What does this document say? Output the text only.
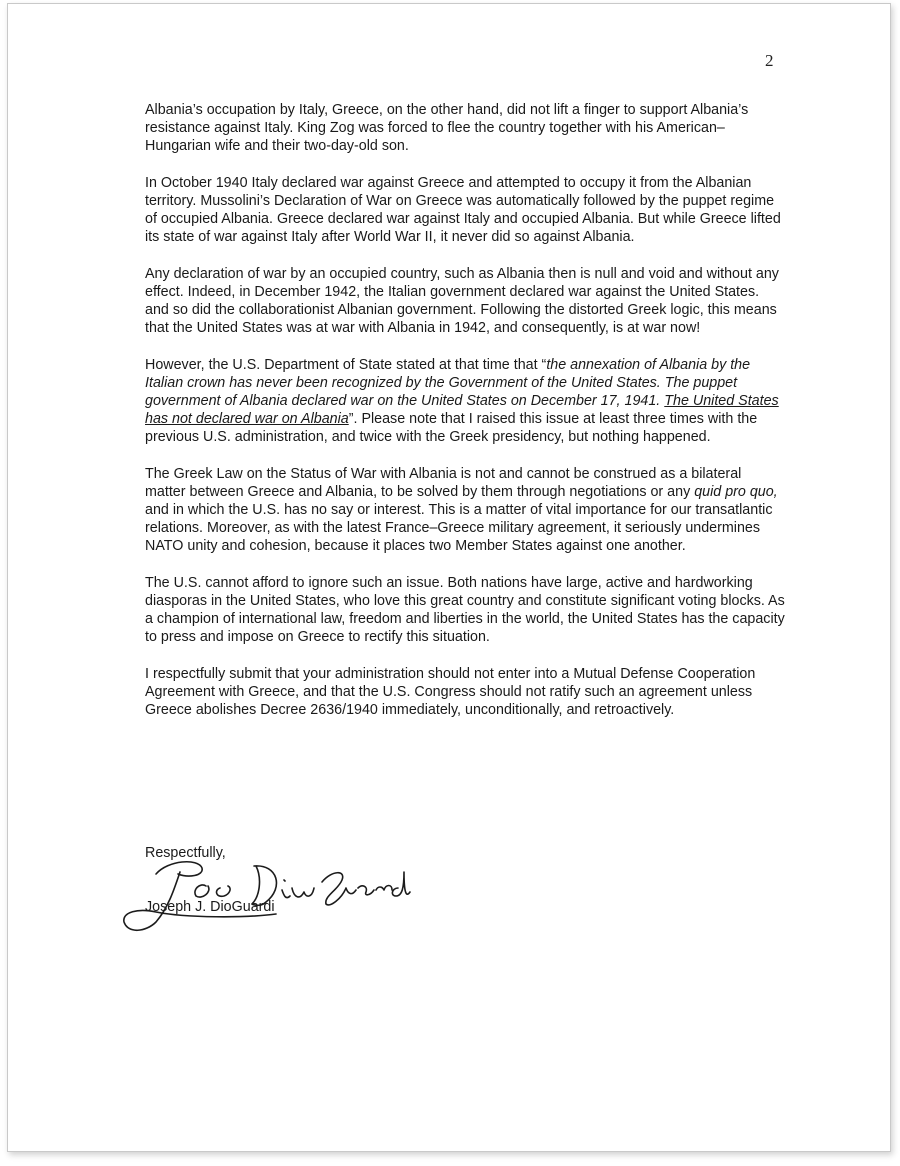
2

Albania’s occupation by Italy, Greece, on the other hand, did not lift a finger to support Albania’s resistance against Italy. King Zog was forced to flee the country together with his American–Hungarian wife and their two-day-old son.

In October 1940 Italy declared war against Greece and attempted to occupy it from the Albanian territory. Mussolini’s Declaration of War on Greece was automatically followed by the puppet regime of occupied Albania. Greece declared war against Italy and occupied Albania. But while Greece lifted its state of war against Italy after World War II, it never did so against Albania.

Any declaration of war by an occupied country, such as Albania then is null and void and without any effect. Indeed, in December 1942, the Italian government declared war against the United States. and so did the collaborationist Albanian government. Following the distorted Greek logic, this means that the United States was at war with Albania in 1942, and consequently, is at war now!

However, the U.S. Department of State stated at that time that “the annexation of Albania by the Italian crown has never been recognized by the Government of the United States. The puppet government of Albania declared war on the United States on December 17, 1941. The United States has not declared war on Albania”. Please note that I raised this issue at least three times with the previous U.S. administration, and twice with the Greek presidency, but nothing happened.

The Greek Law on the Status of War with Albania is not and cannot be construed as a bilateral matter between Greece and Albania, to be solved by them through negotiations or any quid pro quo, and in which the U.S. has no say or interest. This is a matter of vital importance for our transatlantic relations. Moreover, as with the latest France–Greece military agreement, it seriously undermines NATO unity and cohesion, because it places two Member States against one another.

The U.S. cannot afford to ignore such an issue. Both nations have large, active and hardworking diasporas in the United States, who love this great country and constitute significant voting blocks. As a champion of international law, freedom and liberties in the world, the United States has the capacity to press and impose on Greece to rectify this situation.

I respectfully submit that your administration should not enter into a Mutual Defense Cooperation Agreement with Greece, and that the U.S. Congress should not ratify such an agreement unless Greece abolishes Decree 2636/1940 immediately, unconditionally, and retroactively.

Respectfully,
Joseph J. DioGuardi
